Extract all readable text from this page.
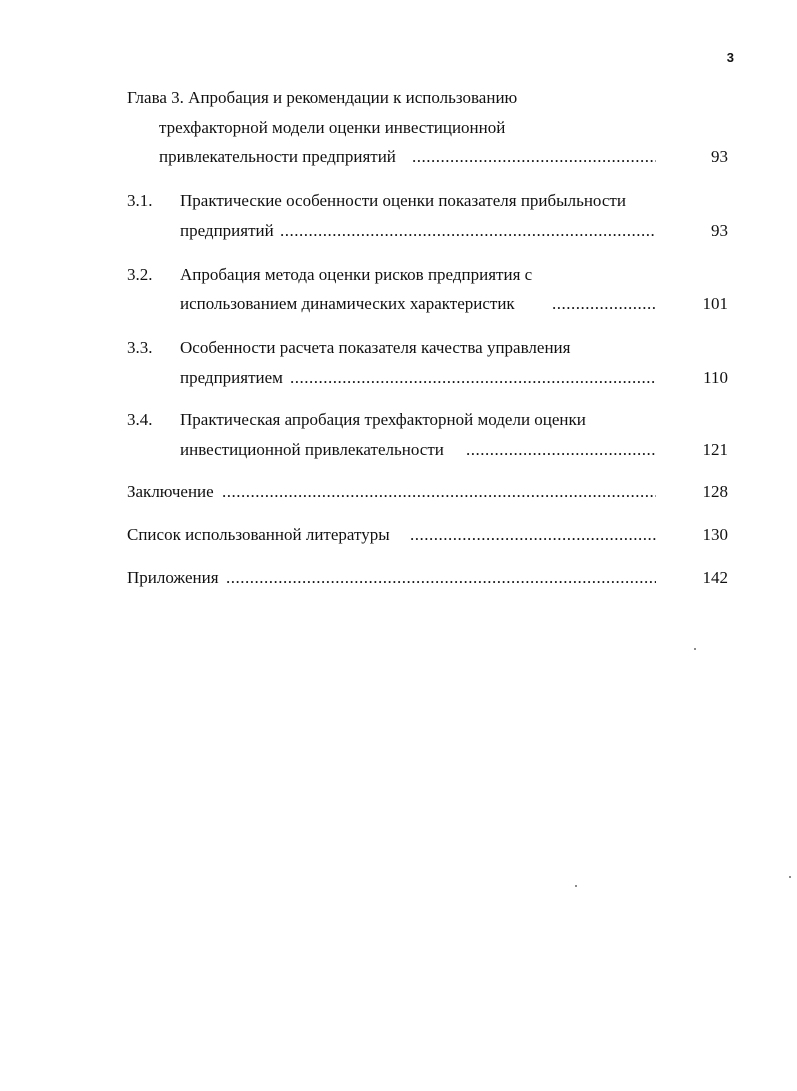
3
Глава 3. Апробация и рекомендации к использованию
трехфакторной модели оценки инвестиционной
привлекательности предприятий .....	93
3.1. Практические особенности оценки показателя прибыльности
предприятий .....	93
3.2. Апробация метода оценки рисков предприятия с
использованием динамических характеристик .....	101
3.3. Особенности расчета показателя качества управления
предприятием .....	110
3.4. Практическая апробация трехфакторной модели оценки
инвестиционной привлекательности .....	121
Заключение .....	128
Список использованной литературы .....	130
Приложения .....	142
